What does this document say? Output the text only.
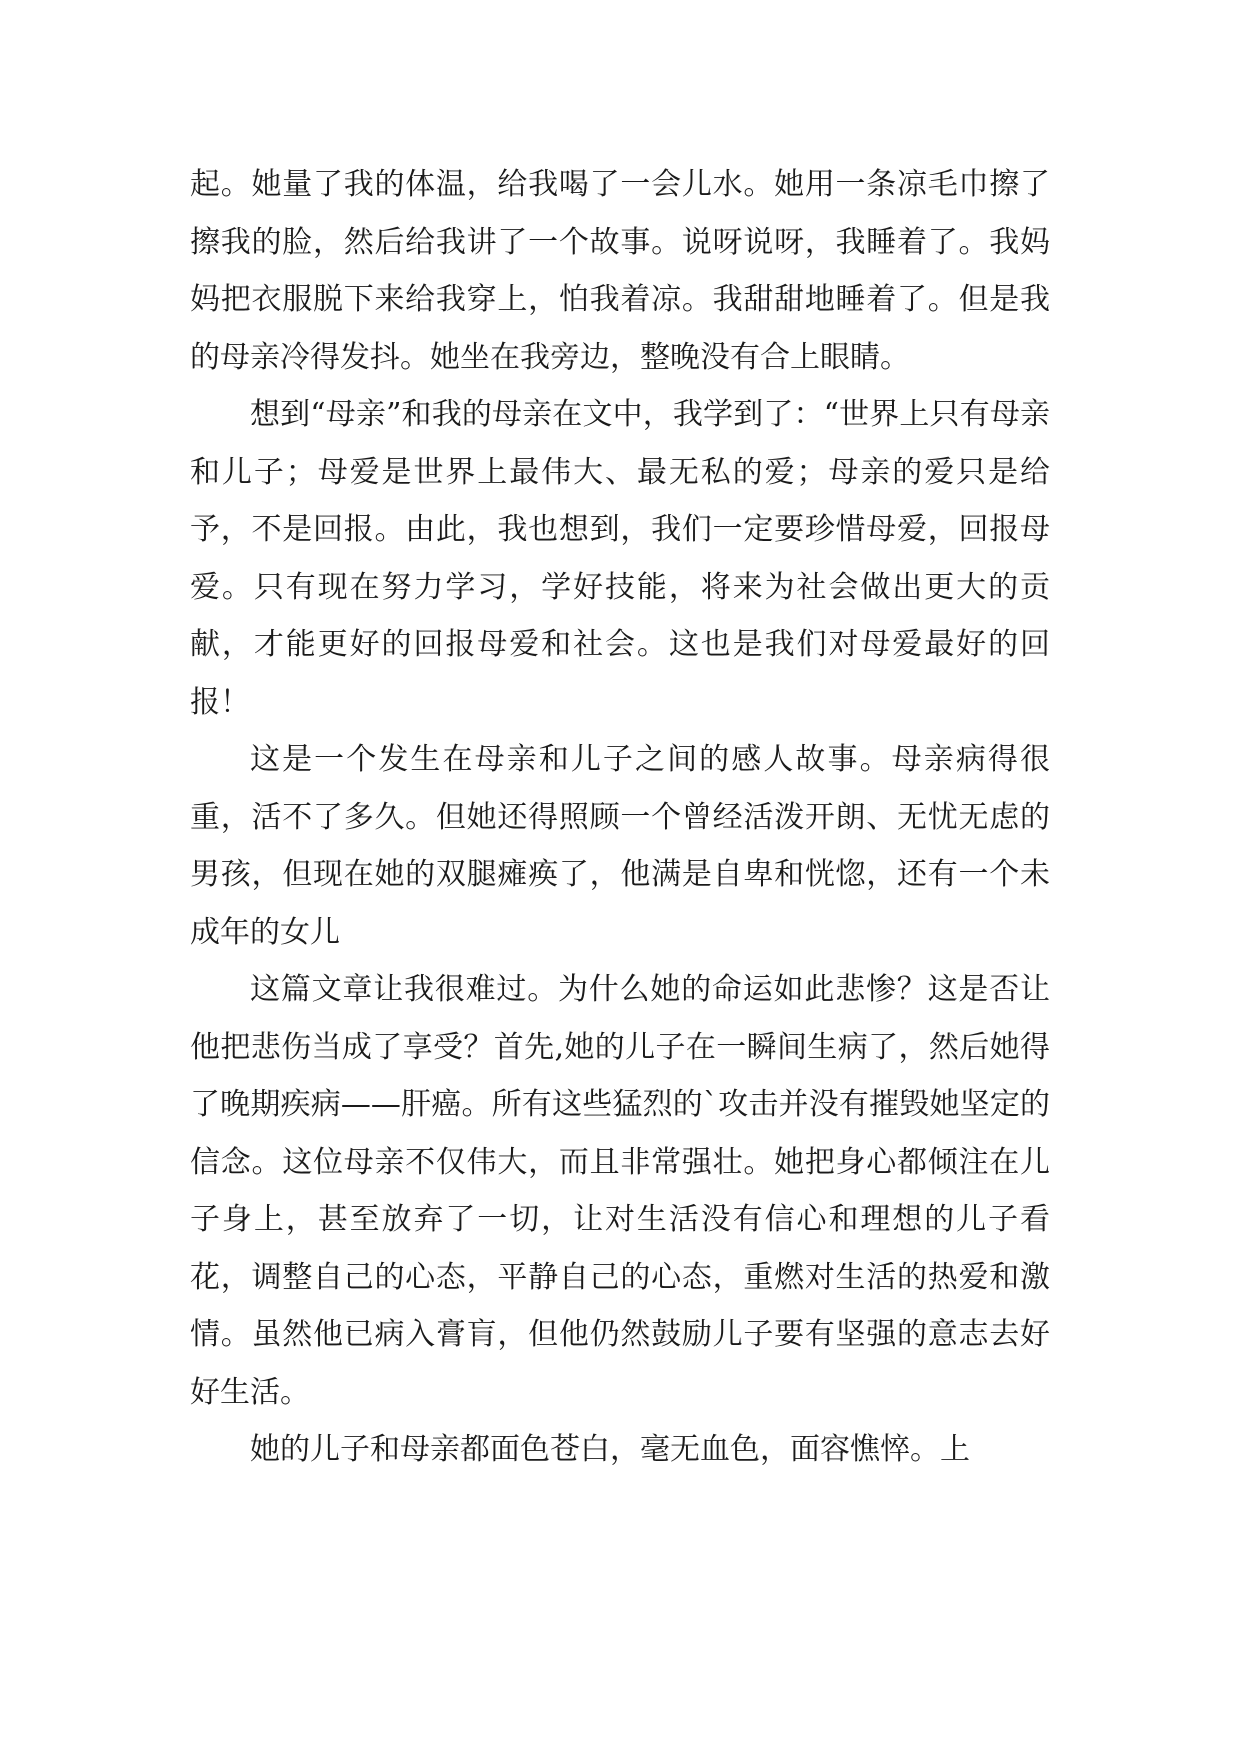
起。她量了我的体温，给我喝了一会儿水。她用一条凉毛巾擦了擦我的脸，然后给我讲了一个故事。说呀说呀，我睡着了。我妈妈把衣服脱下来给我穿上，怕我着凉。我甜甜地睡着了。但是我的母亲冷得发抖。她坐在我旁边，整晚没有合上眼睛。

想到“母亲”和我的母亲在文中，我学到了：“世界上只有母亲和儿子；母爱是世界上最伟大、最无私的爱；母亲的爱只是给予，不是回报。由此，我也想到，我们一定要珍惜母爱，回报母爱。只有现在努力学习，学好技能，将来为社会做出更大的贡献，才能更好的回报母爱和社会。这也是我们对母爱最好的回报！

这是一个发生在母亲和儿子之间的感人故事。母亲病得很重，活不了多久。但她还得照顾一个曾经活泼开朗、无忧无虑的男孩，但现在她的双腿瘫痪了，他满是自卑和恍惚，还有一个未成年的女儿

这篇文章让我很难过。为什么她的命运如此悲惨？这是否让他把悲伤当成了享受？首先,她的儿子在一瞬间生病了，然后她得了晚期疾病——肝癌。所有这些猛烈的`攻击并没有摧毁她坚定的信念。这位母亲不仅伟大，而且非常强壮。她把身心都倾注在儿子身上，甚至放弃了一切，让对生活没有信心和理想的儿子看花，调整自己的心态，平静自己的心态，重燃对生活的热爱和激情。虽然他已病入膏肓，但他仍然鼓励儿子要有坚强的意志去好好生活。

她的儿子和母亲都面色苍白，毫无血色，面容憔悴。上
